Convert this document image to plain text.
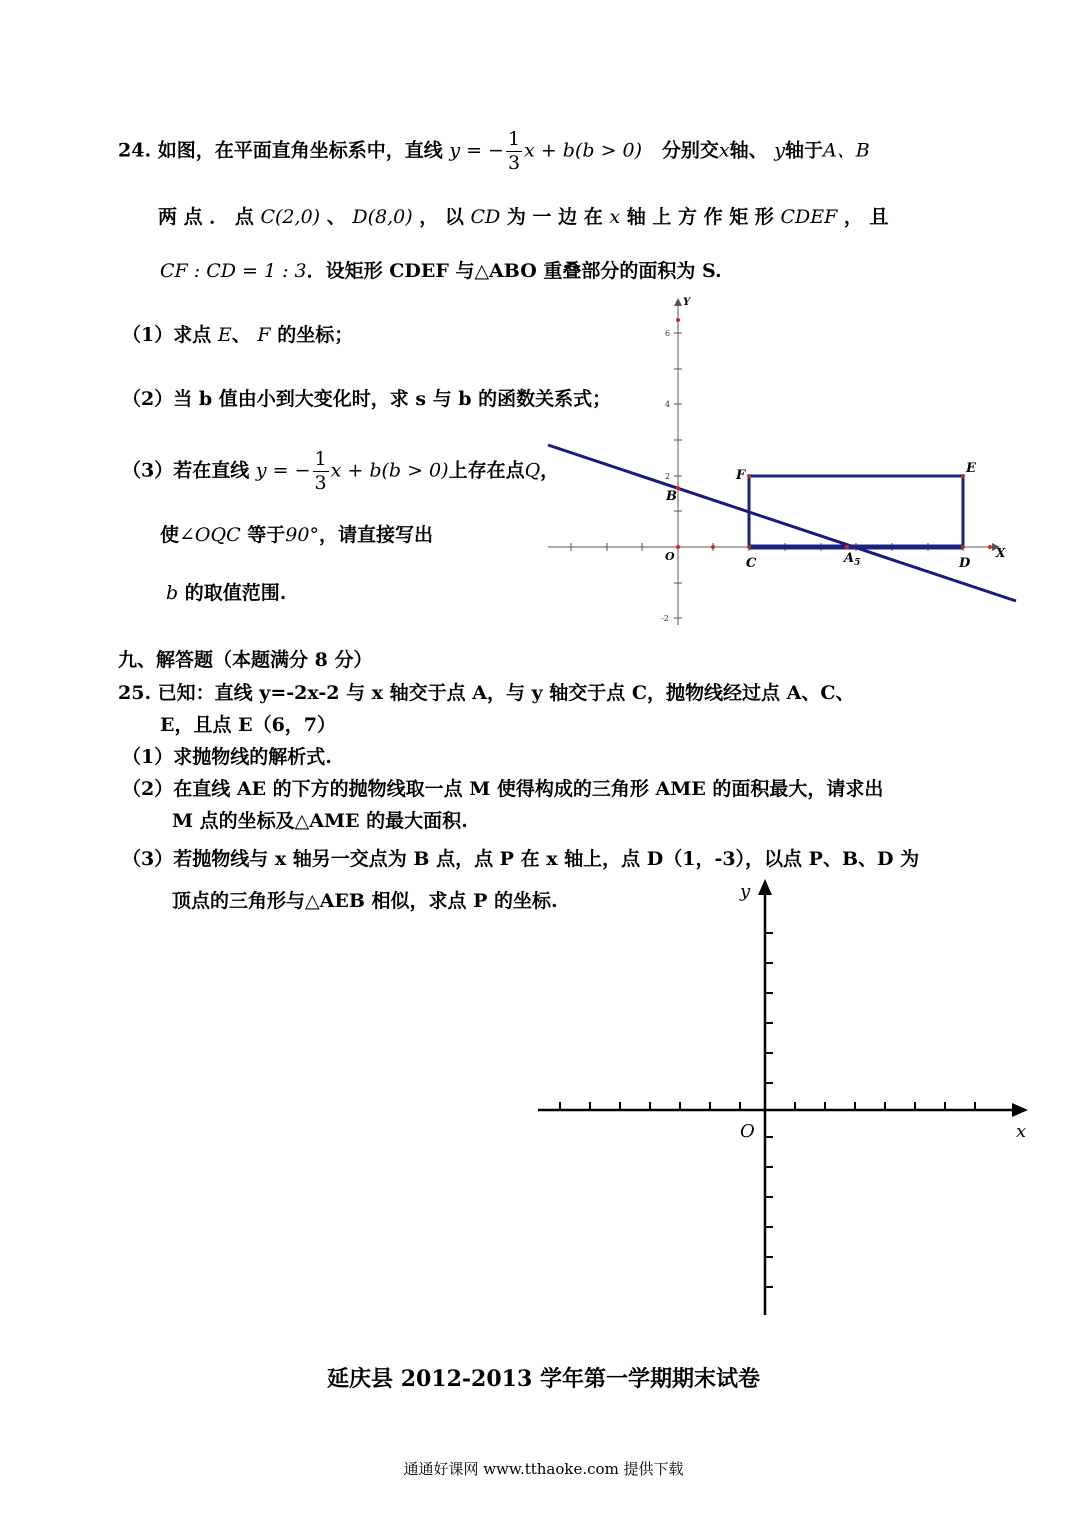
24. 如图，在平面直角坐标系中，直线 y = − $\frac{1}{3}$ x + b(b > 0) 分别交x轴、 y轴于A、B
两 点 ． 点 C(2,0) 、 D(8,0) ， 以 CD 为 一 边 在 x 轴 上 方 作 矩 形 CDEF ， 且
CF : CD = 1 : 3．设矩形 CDEF 与△ABO 重叠部分的面积为 S.
（1）求点 E、 F 的坐标；
（2）当 b 值由小到大变化时，求 s 与 b 的函数关系式；
（3）若在直线 y = − $\frac{1}{3}$ x + b(b > 0)上存在点Q，
使∠OQC 等于90°，请直接写出
b 的取值范围.
6
4
2
-2
Y
X
O
B
F	E
C	$A_5$	D
九、解答题（本题满分 8 分）
25. 已知：直线 y=-2x-2 与 x 轴交于点 A，与 y 轴交于点 C，抛物线经过点 A、C、
E，且点 E（6，7）
（1）求抛物线的解析式.
（2）在直线 AE 的下方的抛物线取一点 M 使得构成的三角形 AME 的面积最大，请求出
M 点的坐标及△AME 的最大面积.
（3）若抛物线与 x 轴另一交点为 B 点，点 P 在 x 轴上，点 D（1，-3），以点 P、B、D 为
顶点的三角形与△AEB 相似，求点 P 的坐标.	y
x
O
延庆县 2012-2013 学年第一学期期末试卷
通通好课网 www.tthaoke.com 提供下载
